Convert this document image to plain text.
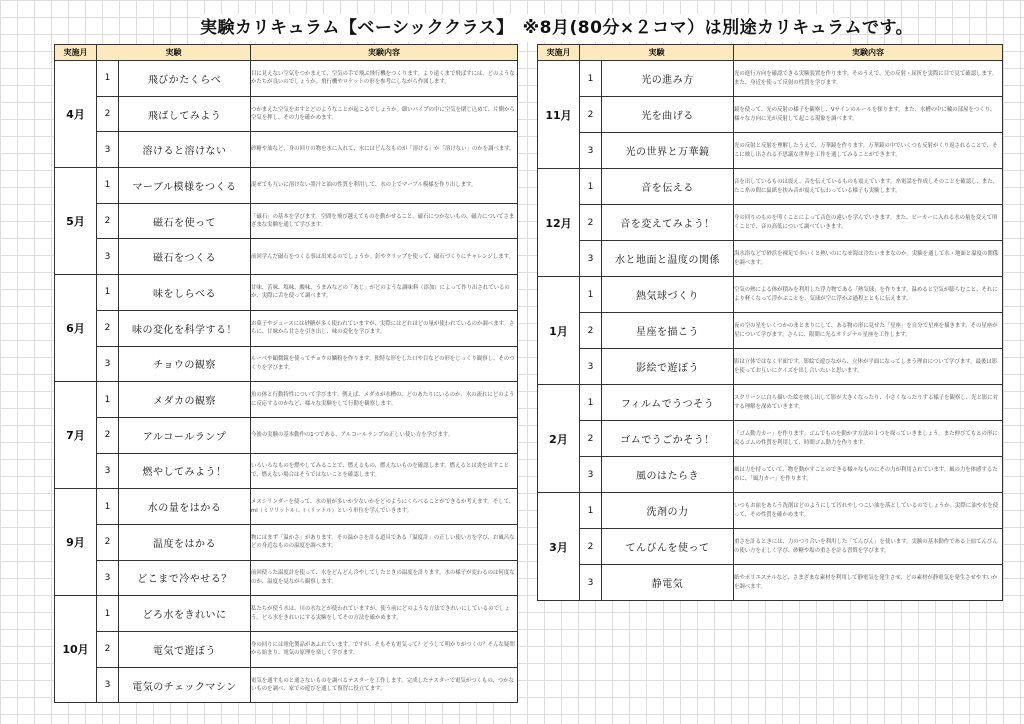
実験カリキュラム【ベーシッククラス】　※8月(80分×２コマ）は別途カリキュラムです。
実施月	実験		実験内容
4月	1	飛びかたくらべ	目に見えない空気をつかまえて、空気の手で飛ぶ飛行機をつくります。より遠くまで飛ばすには、どのようなかたちが良いのでしょうか。飛行機やロケットの形を参考にしながら作図します。
	2	飛ばしてみよう	つかまえた空気をおすとどのようなことが起こるでしょうか。細いパイプの中に空気を閉じ込めて、片側から空気を押し、その力を確かめます。
	3	溶けると溶けない	砂糖や油など、身の回りの物を水に入れて、水にはどんなものが「溶ける」か「溶けない」のかを調べます。
5月	1	マーブル模様をつくる	混ぜても互いに溶けない墨汁と油の性質を利用して、水の上でマーブル模様を作り出します。
	2	磁石を使って	「磁石」の基本を学びます。空間を飛び越えてものを動かせること、磁石につかないもの、磁力についてさまざまな実験を通して学びます。
	3	磁石をつくる	前回学んだ磁石をつくる事は出来るのでしょうか。釘やクリップを使って、磁石づくりにチャレンジします。
6月	1	味をしらべる	甘味、苦味、塩味、酸味、うまみなどの「あじ」がどのような調味料（添加）によって作り出されているのか、実際に舌を使って調べます。
	2	味の変化を科学する！	お菓子やジュースには砂糖が多く使われていますが、実際にはどれほどの量が使われているのか調べます。さらに、甘味から甘さを引き出し、味の変化を学びます。
	3	チョウの観察	ルーペや顕微鏡を使ってチョウの鱗粉を作ります。独特な形をした口や目などの形をじっくり観察し、そのつくりを学びます。
7月	1	メダカの観察	魚の体と行動特性について学びます。例えば、メダカが水槽の、どのあたりにいるのか、水の流れにどのように反応するのかなど、様々な実験をして行動を観察します。
	2	アルコールランプ	今後の実験の基本動作の1つである、アルコールランプの正しい使い方を学びます。
	3	燃やしてみよう！	いろいろなものを燃やしてみることで、燃えるもの、燃えないものを確認します。燃えるとは炎を出すことで、燃えない場合はそうではないことを確認します。
9月	1	水の量をはかる	メスシリンダーを使って、水の量が多いか少ないかをどのようにくらべることができるか考えます。そして、ml（ミリリットル）、l（リットル）という単位を学んでいきます。
	2	温度をはかる	物にはまず「温かさ」があります。その温かさを計る道具である「温度計」の正しい使い方を学び、お風呂などの身近なものの温度を調べます。
	3	どこまで冷やせる？	前回使った温度計を使って、水をどんどん冷やしてしたときの温度を計ります。水の様子が変わるのは何度なのか、温度を見ながら観察します。
10月	1	どろ水をきれいに	私たちが使う水は、川の水などが使われていますが、使う前にどのような方法できれいにしているのでしょう。どろ水をきれいにする実験をしてその方法を確かめます。
	2	電気で遊ぼう	身の回りには電化製品があふれています。ですが、そもそも電気って？どうして明かりがつくの？そんな疑問から始まり、電気の原理を楽しく学びます。
	3	電気のチェックマシン	電気を通すものと通さないものを調べるテスターを工作します。完成したテスターで電気がつくもの、つかないものを調べ、家での遊びを通して復習に役立てます。
実施月	実験		実験内容
11月	1	光の進み方	光の進行方向を確認できる実験装置を作ります。そのうえで、光の反射・屈折を実際に目で見て確認します。また、身近を使って反射の性質を学びます。
	2	光を曲げる	鏡を使って、光の反射の様子を観察し、Vサインのルールを探ります。また、水槽の中に輪の部屋をつくり、様々な方向に光が反射して起こる現象を調べます。
	3	光の世界と万華鏡	光の反射と反射を理解したうえで、万華鏡を作ります。万華鏡の中でいくつも反射がくり返されることで、そこに映し出される不思議な世界を工作を通してみることができます。
12月	1	音を伝える	音を出しているものは震え、音を伝えているものも震えています。糸電話を作成しそのことを確認し、また、たこ糸の間に鼠紙を挟み音が震えて伝わっている様子も実験します。
	2	音を変えてみよう！	身の回りのものを叩くことによって音色の違いを学んでいきます。また、ビーカーに入れる水の量を変えて叩くことで、音の高低について調べていきます。
	3	水と地面と温度の関係	海水浴などで砂浜を裸足で歩いくと熱いのになぜ海は冷たいままなのか。実験を通して水・地面と温度の関係を調べます。
1月	1	熱気球づくり	空気の熱による体が積みを利用した浮力物である「熱気球」を作ります。温めると空気が膨らむこと、それにより軽くなって浮かぶことを、気球が空に浮かぶ過程とともに伝えます。
	2	星座を描こう	夜の空の星をいくつかのまとまりにして、ある物の形に見せた「星座」を自分で星座を描きます。その星座が星について学びます。さらに、限間に光るオリジナル星座を工作します。
	3	影絵で遊ぼう	影は立体ではなく平面です。影絵で遊びながら、立体が平面になってしまう理由について学びます。最後は影を使ってお互いにクイズを出し合いたいと思います。
2月	1	フィルムでうつそう	スクリーンに白ら描いた絵を映し出して影が大きくなったり、小さくなったりする様子を観察し、光と影に対する理解を深めていきます。
	2	ゴムでうごかそう！	「ゴム動力カー」を作ります。ゴムでものを動かす方法の１つを探っていきましょう。また伸びてもとの形に戻るゴムの性質を利用して、時間ゴム動力を作ります。
	3	風のはたらき	風は力を持っていて、物を動かすことのできる様々なものにその力が利用されています。風の力を体感するために、「風力カー」を作ります。
3月	1	洗剤の力	いつもお皿をあらう洗剤はどのようにして汚れやしつこい油を落としているのでしょうか。実際に油や水を使って、その性質を確かめます。
	2	てんびんを使って	重さを計るときには、力のつり合いを利用した「てんびん」を使います。実験の基本動作である上皿てんびんの使い方を正しく学び、砂糖や塩の重さを計る習慣を学びます。
	3	静電気	紙やポリエステルなど、さまざまな素材を利用して静電気を発生させ、どの素材が静電気を発生させやすいかを調べます。
